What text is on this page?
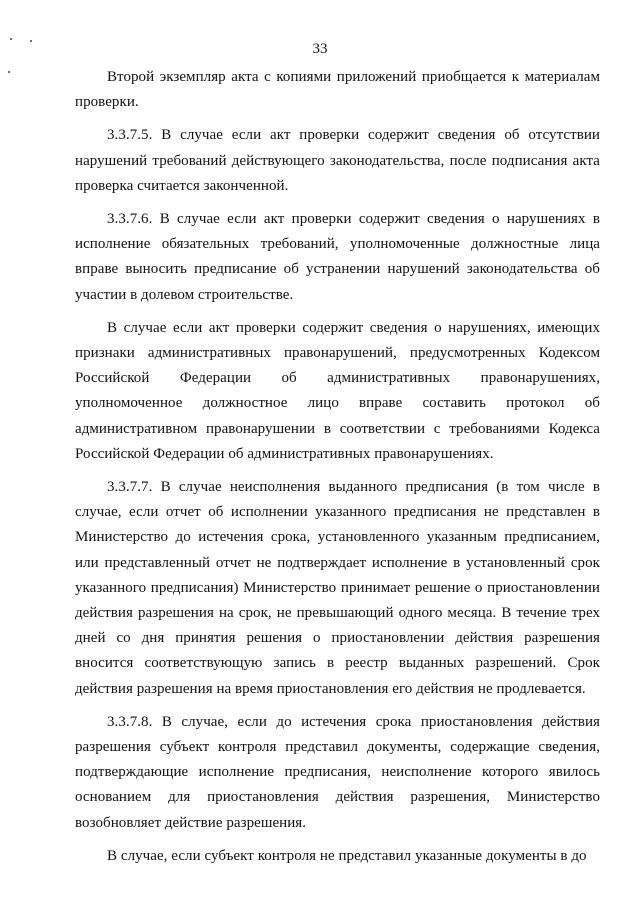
33

Второй экземпляр акта с копиями приложений приобщается к материалам проверки.

3.3.7.5. В случае если акт проверки содержит сведения об отсутствии нарушений требований действующего законодательства, после подписания акта проверка считается законченной.

3.3.7.6. В случае если акт проверки содержит сведения о нарушениях в исполнение обязательных требований, уполномоченные должностные лица вправе выносить предписание об устранении нарушений законодательства об участии в долевом строительстве.

В случае если акт проверки содержит сведения о нарушениях, имеющих признаки административных правонарушений, предусмотренных Кодексом Российской Федерации об административных правонарушениях, уполномоченное должностное лицо вправе составить протокол об административном правонарушении в соответствии с требованиями Кодекса Российской Федерации об административных правонарушениях.

3.3.7.7. В случае неисполнения выданного предписания (в том числе в случае, если отчет об исполнении указанного предписания не представлен в Министерство до истечения срока, установленного указанным предписанием, или представленный отчет не подтверждает исполнение в установленный срок указанного предписания) Министерство принимает решение о приостановлении действия разрешения на срок, не превышающий одного месяца. В течение трех дней со дня принятия решения о приостановлении действия разрешения вносится соответствующую запись в реестр выданных разрешений. Срок действия разрешения на время приостановления его действия не продлевается.

3.3.7.8. В случае, если до истечения срока приостановления действия разрешения субъект контроля представил документы, содержащие сведения, подтверждающие исполнение предписания, неисполнение которого явилось основанием для приостановления действия разрешения, Министерство возобновляет действие разрешения.

В случае, если субъект контроля не представил указанные документы в до
